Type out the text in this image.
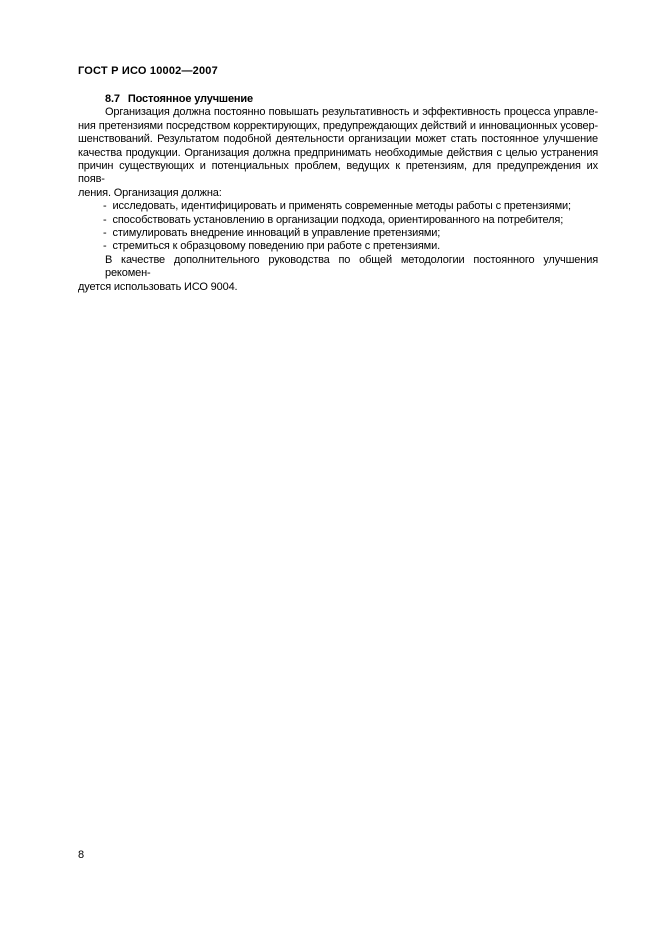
ГОСТ Р ИСО 10002—2007
8.7 Постоянное улучшение
Организация должна постоянно повышать результативность и эффективность процесса управле-
ния претензиями посредством корректирующих, предупреждающих действий и инновационных усовер-
шенствований. Результатом подобной деятельности организации может стать постоянное улучшение
качества продукции. Организация должна предпринимать необходимые действия с целью устранения
причин существующих и потенциальных проблем, ведущих к претензиям, для предупреждения их появ-
ления. Организация должна:
- исследовать, идентифицировать и применять современные методы работы с претензиями;
- способствовать установлению в организации подхода, ориентированного на потребителя;
- стимулировать внедрение инноваций в управление претензиями;
- стремиться к образцовому поведению при работе с претензиями.
В качестве дополнительного руководства по общей методологии постоянного улучшения рекомен-
дуется использовать ИСО 9004.
8
